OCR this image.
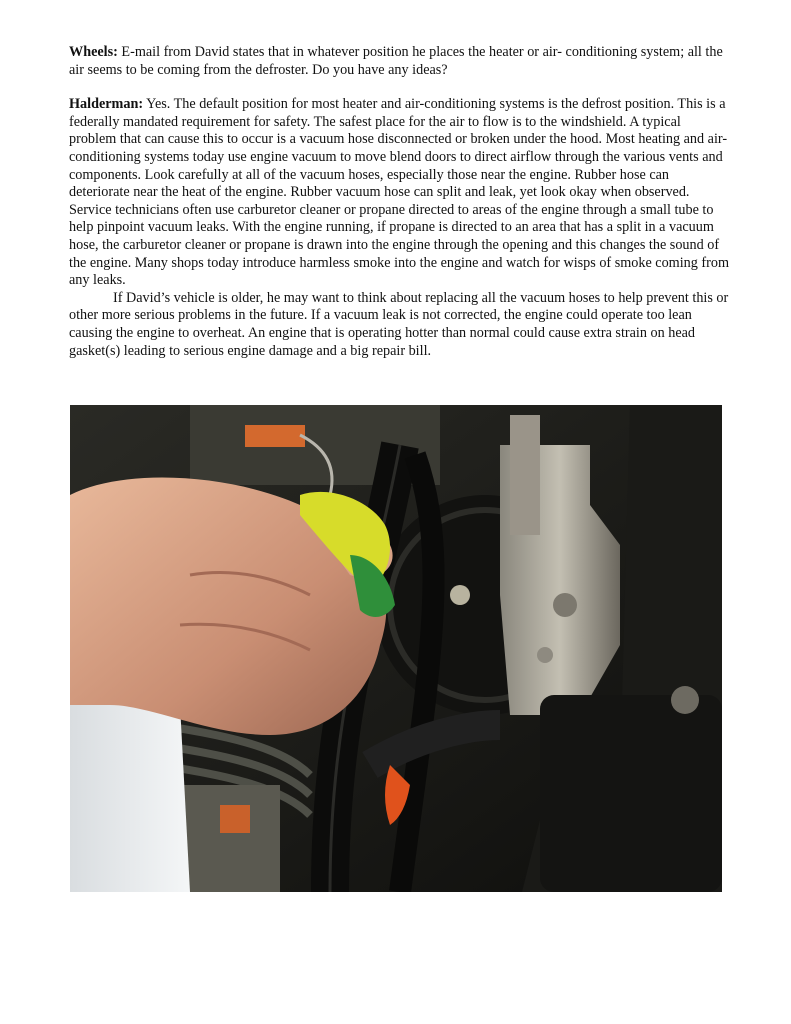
Wheels: E-mail from David states that in whatever position he places the heater or air- conditioning system; all the air seems to be coming from the defroster. Do you have any ideas?

Halderman: Yes. The default position for most heater and air-conditioning systems is the defrost position. This is a federally mandated requirement for safety. The safest place for the air to flow is to the windshield. A typical problem that can cause this to occur is a vacuum hose disconnected or broken under the hood. Most heating and air-conditioning systems today use engine vacuum to move blend doors to direct airflow through the various vents and components. Look carefully at all of the vacuum hoses, especially those near the engine. Rubber hose can deteriorate near the heat of the engine. Rubber vacuum hose can split and leak, yet look okay when observed. Service technicians often use carburetor cleaner or propane directed to areas of the engine through a small tube to help pinpoint vacuum leaks. With the engine running, if propane is directed to an area that has a split in a vacuum hose, the carburetor cleaner or propane is drawn into the engine through the opening and this changes the sound of the engine. Many shops today introduce harmless smoke into the engine and watch for wisps of smoke coming from any leaks.

If David’s vehicle is older, he may want to think about replacing all the vacuum hoses to help prevent this or other more serious problems in the future. If a vacuum leak is not corrected, the engine could operate too lean causing the engine to overheat. An engine that is operating hotter than normal could cause extra strain on head gasket(s) leading to serious engine damage and a big repair bill.
